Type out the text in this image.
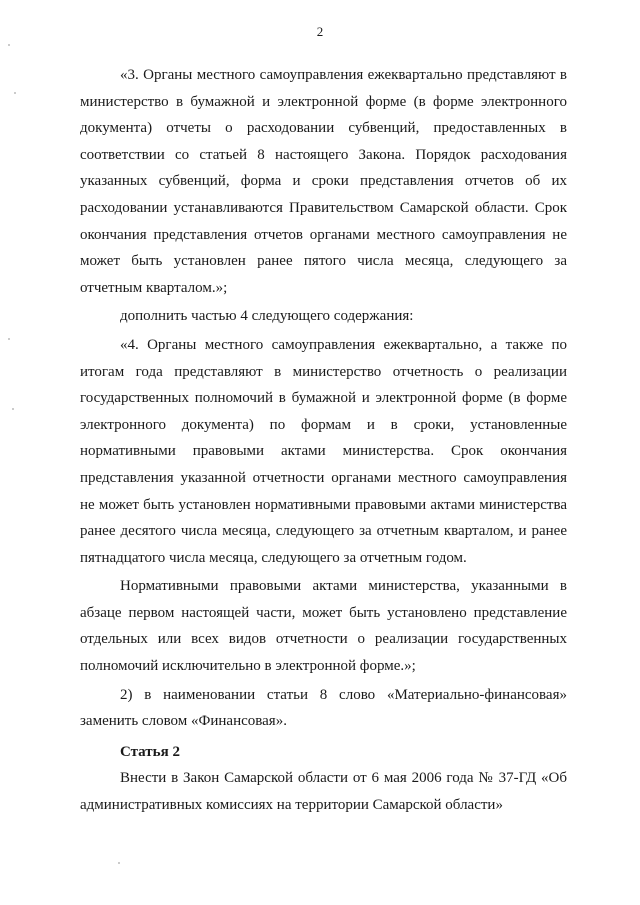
2

«3. Органы местного самоуправления ежеквартально представляют в министерство в бумажной и электронной форме (в форме электронного документа) отчеты о расходовании субвенций, предоставленных в соответствии со статьей 8 настоящего Закона. Порядок расходования указанных субвенций, форма и сроки представления отчетов об их расходовании устанавливаются Правительством Самарской области. Срок окончания представления отчетов органами местного самоуправления не может быть установлен ранее пятого числа месяца, следующего за отчетным кварталом.»;

дополнить частью 4 следующего содержания:

«4. Органы местного самоуправления ежеквартально, а также по итогам года представляют в министерство отчетность о реализации государственных полномочий в бумажной и электронной форме (в форме электронного документа) по формам и в сроки, установленные нормативными правовыми актами министерства. Срок окончания представления указанной отчетности органами местного самоуправления не может быть установлен нормативными правовыми актами министерства ранее десятого числа месяца, следующего за отчетным кварталом, и ранее пятнадцатого числа месяца, следующего за отчетным годом.

Нормативными правовыми актами министерства, указанными в абзаце первом настоящей части, может быть установлено представление отдельных или всех видов отчетности о реализации государственных полномочий исключительно в электронной форме.»;

2) в наименовании статьи 8 слово «Материально-финансовая» заменить словом «Финансовая».

Статья 2

Внести в Закон Самарской области от 6 мая 2006 года № 37-ГД «Об административных комиссиях на территории Самарской области»
